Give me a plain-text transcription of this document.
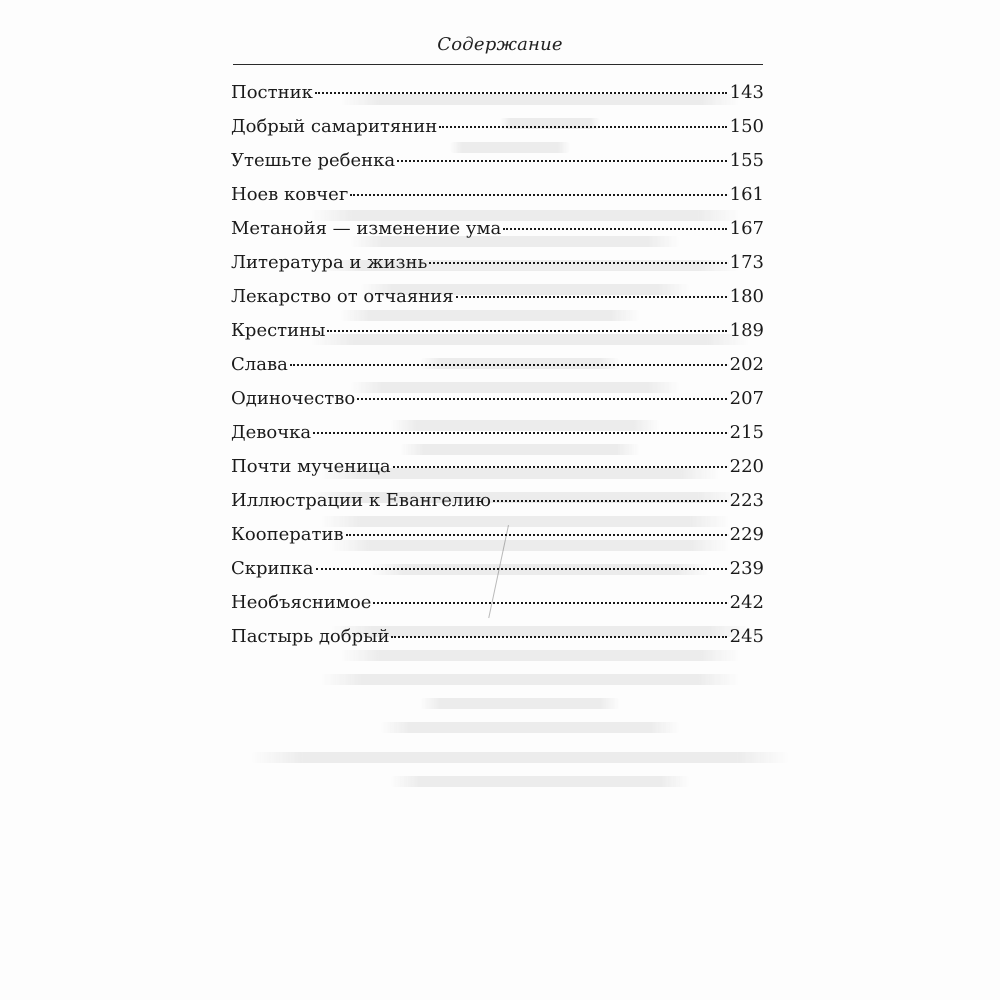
Содержание
Постник	143
Добрый самаритянин	150
Утешьте ребенка	155
Ноев ковчег	161
Метанойя — изменение ума	167
Литература и жизнь	173
Лекарство от отчаяния	180
Крестины	189
Слава	202
Одиночество	207
Девочка	215
Почти мученица	220
Иллюстрации к Евангелию	223
Кооператив	229
Скрипка	239
Необъяснимое	242
Пастырь добрый	245
